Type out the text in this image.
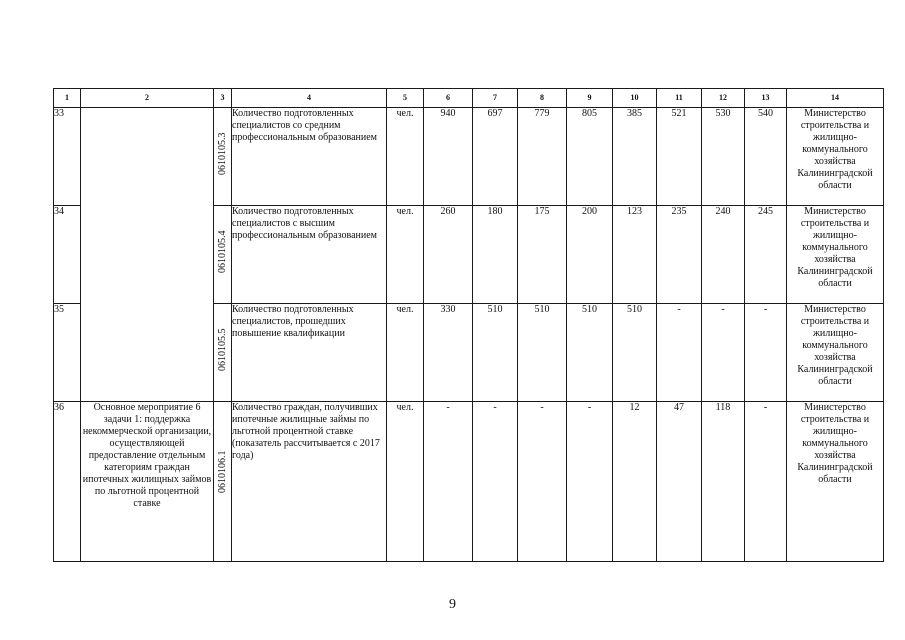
1	2	3	4	5	6	7	8	9	10	11	12	13	14
33		0610105.3	Количество подготовленных специалистов со средним профессиональным образованием	чел.	940	697	779	805	385	521	530	540	Министерство строительства и жилищно-коммунального хозяйства Калининградской области
34		0610105.4	Количество подготовленных специалистов с высшим профессиональным образованием	чел.	260	180	175	200	123	235	240	245	Министерство строительства и жилищно-коммунального хозяйства Калининградской области
35		0610105.5	Количество подготовленных специалистов, прошедших повышение квалификации	чел.	330	510	510	510	510	-	-	-	Министерство строительства и жилищно-коммунального хозяйства Калининградской области
36	Основное мероприятие 6 задачи 1: поддержка некоммерческой организации, осуществляющей предоставление отдельным категориям граждан ипотечных жилищных займов по льготной процентной ставке	0610106.1	Количество граждан, получивших ипотечные жилищные займы по льготной процентной ставке (показатель рассчитывается с 2017 года)	чел.	-	-	-	-	12	47	118	-	Министерство строительства и жилищно-коммунального хозяйства Калининградской области
9
